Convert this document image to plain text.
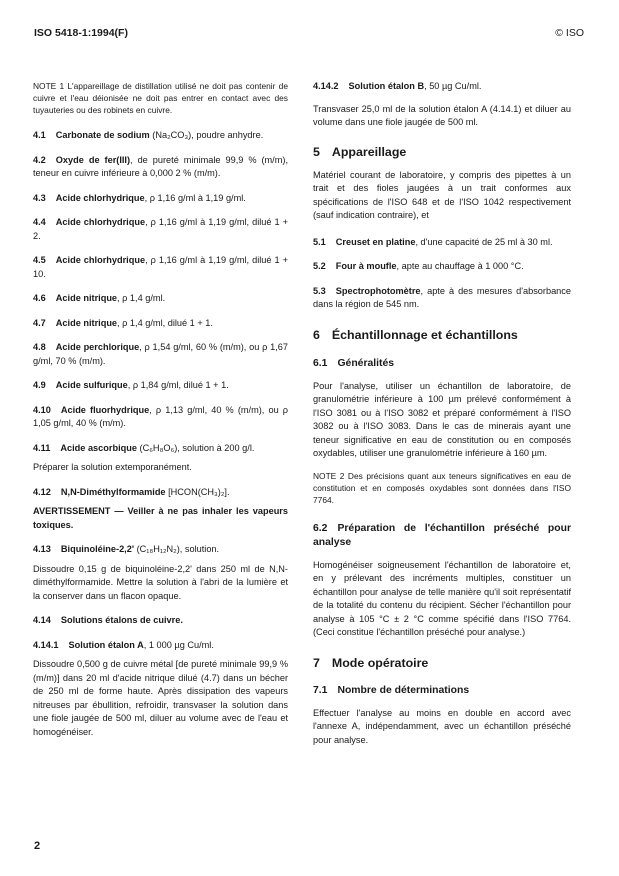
ISO 5418-1:1994(F)	© ISO

NOTE 1 L'appareillage de distillation utilisé ne doit pas contenir de cuivre et l'eau déionisée ne doit pas entrer en contact avec des tuyauteries ou des robinets en cuivre.

4.1 Carbonate de sodium (Na₂CO₃), poudre anhydre.

4.2 Oxyde de fer(III), de pureté minimale 99,9 % (m/m), teneur en cuivre inférieure à 0,000 2 % (m/m).

4.3 Acide chlorhydrique, ρ 1,16 g/ml à 1,19 g/ml.

4.4 Acide chlorhydrique, ρ 1,16 g/ml à 1,19 g/ml, dilué 1 + 2.

4.5 Acide chlorhydrique, ρ 1,16 g/ml à 1,19 g/ml, dilué 1 + 10.

4.6 Acide nitrique, ρ 1,4 g/ml.

4.7 Acide nitrique, ρ 1,4 g/ml, dilué 1 + 1.

4.8 Acide perchlorique, ρ 1,54 g/ml, 60 % (m/m), ou ρ 1,67 g/ml, 70 % (m/m).

4.9 Acide sulfurique, ρ 1,84 g/ml, dilué 1 + 1.

4.10 Acide fluorhydrique, ρ 1,13 g/ml, 40 % (m/m), ou ρ 1,05 g/ml, 40 % (m/m).

4.11 Acide ascorbique (C₆H₈O₆), solution à 200 g/l.

Préparer la solution extemporanément.

4.12 N,N-Diméthylformamide [HCON(CH₃)₂].

AVERTISSEMENT — Veiller à ne pas inhaler les vapeurs toxiques.

4.13 Biquinoléine-2,2' (C₁₈H₁₂N₂), solution.

Dissoudre 0,15 g de biquinoléine-2,2' dans 250 ml de N,N-diméthylformamide. Mettre la solution à l'abri de la lumière et la conserver dans un flacon opaque.

4.14 Solutions étalons de cuivre.

4.14.1 Solution étalon A, 1 000 µg Cu/ml.

Dissoudre 0,500 g de cuivre métal [de pureté minimale 99,9 % (m/m)] dans 20 ml d'acide nitrique dilué (4.7) dans un bécher de 250 ml de forme haute. Après dissipation des vapeurs nitreuses par ébullition, refroidir, transvaser la solution dans une fiole jaugée de 500 ml, diluer au volume avec de l'eau et homogénéiser.

4.14.2 Solution étalon B, 50 µg Cu/ml.

Transvaser 25,0 ml de la solution étalon A (4.14.1) et diluer au volume dans une fiole jaugée de 500 ml.

5 Appareillage

Matériel courant de laboratoire, y compris des pipettes à un trait et des fioles jaugées à un trait conformes aux spécifications de l'ISO 648 et de l'ISO 1042 respectivement (sauf indication contraire), et

5.1 Creuset en platine, d'une capacité de 25 ml à 30 ml.

5.2 Four à moufle, apte au chauffage à 1 000 °C.

5.3 Spectrophotomètre, apte à des mesures d'absorbance dans la région de 545 nm.

6 Échantillonnage et échantillons

6.1 Généralités

Pour l'analyse, utiliser un échantillon de laboratoire, de granulométrie inférieure à 100 µm prélevé conformément à l'ISO 3081 ou à l'ISO 3082 et préparé conformément à l'ISO 3082 ou à l'ISO 3083. Dans le cas de minerais ayant une teneur significative en eau de constitution ou en composés oxydables, utiliser une granulométrie inférieure à 160 µm.

NOTE 2 Des précisions quant aux teneurs significatives en eau de constitution et en composés oxydables sont données dans l'ISO 7764.

6.2 Préparation de l'échantillon préséché pour analyse

Homogénéiser soigneusement l'échantillon de laboratoire et, en y prélevant des incréments multiples, constituer un échantillon pour analyse de telle manière qu'il soit représentatif de la totalité du contenu du récipient. Sécher l'échantillon pour analyse à 105 °C ± 2 °C comme spécifié dans l'ISO 7764. (Ceci constitue l'échantillon préséché pour analyse.)

7 Mode opératoire

7.1 Nombre de déterminations

Effectuer l'analyse au moins en double en accord avec l'annexe A, indépendamment, avec un échantillon préséché pour analyse.

2
